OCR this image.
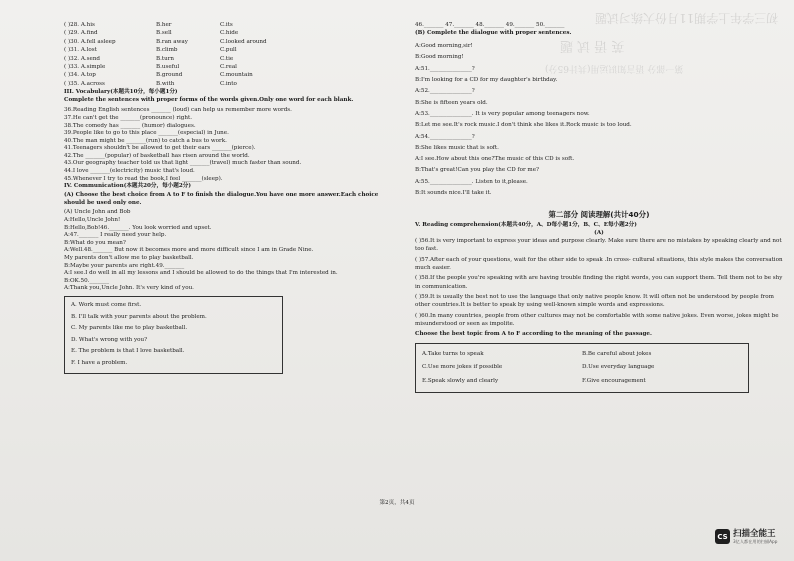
初三学年上学期11月份大练习试题
英 语 试 题
第一部分 语言知识运用(共计65分)
( )28. A.his	B.her	C.its
( )29. A.find	B.sell	C.hide
( )30. A.fell asleep	B.ran away	C.looked around
( )31. A.lost	B.climb	C.pull
( )32. A.send	B.turn	C.tie
( )33. A.simple	B.useful	C.real
( )34. A.top	B.ground	C.mountain
( )35. A.across	B.with	C.into
III. Vocabulary(本题共10分，每小题1分)
Complete the sentences with proper forms of the words given.Only one word for each blank.
36.Reading English sentences _______ (loud) can help us remember more words.
37.He can't get the _______(pronounce) right.
38.The comedy has _______ (humor) dialogues.
39.People like to go to this place _______(especial) in June.
40.The man might be _______(run) to catch a bus to work.
41.Teenagers shouldn't be allowed to get their ears _______(pierce).
42.The _______(popular) of basketball has risen around the world.
43.Our geography teacher told us that light _______(travel) much faster than sound.
44.I love _______(electricity) music that's loud.
45.Whenever I try to read the book,I feel _______(sleep).
IV. Communication(本题共20分，每小题2分)
(A) Choose the best choice from A to F to finish the dialogue.You have one more answer.Each choice should be used only one.
(A) Uncle John and Bob
A:Hello,Uncle John!
B:Hello,Bob!46._______. You look worried and upset.
A:47._______ I really need your help.
B:What do you mean?
A:Well.48._______ But now it becomes more and more difficult since I am in Grade Nine.
My parents don't allow me to play basketball.
B:Maybe your parents are right.49._______
A:I see.I do well in all my lessons and I should be allowed to do the things that I'm interested in.
B:OK.50._______
A:Thank you,Uncle John. It's very kind of you.
A. Work must come first.
B. I'll talk with your parents about the problem.
C. My parents like me to play basketball.
D. What's wrong with you?
E. The problem is that I love basketball.
F. I have a problem.
46._______ 47._______ 48._______ 49._______ 50._______
(B) Complete the dialogue with proper sentences.
A:Good morning,sir!
B:Good morning!
A:51._______________?
B:I'm looking for a CD for my daughter's birthday.
A:52._______________?
B:She is fifteen years old.
A:53._______________. It is very popular among teenagers now.
B:Let me see.It's rock music.I don't think she likes it.Rock music is too loud.
A:54._______________?
B:She likes music that is soft.
A:I see.How about this one?The music of this CD is soft.
B:That's great!Can you play the CD for me?
A:55._______________. Listen to it,please.
B:It sounds nice.I'll take it.
第二部分 阅读理解(共计40分)
V. Reading comprehension(本题共40分，A、D每小题1分，B、C、E每小题2分)
(A)
( )56.It is very important to express your ideas and purpose clearly. Make sure there are no mistakes by speaking clearly and not too fast.
( )57.After each of your questions, wait for the other side to speak .In cross- cultural situations, this style makes the conversation much easier.
( )58.If the people you're speaking with are having trouble finding the right words, you can support them. Tell them not to be shy in communication.
( )59.It is usually the best not to use the language that only native people know. It will often not be understood by people from other countries.It is better to speak by using well-known simple words and expressions.
( )60.In many countries, people from other cultures may not be comfortable with some native jokes. Even worse, jokes might be misunderstood or seen as impolite.
Choose the best topic from A to F according to the meaning of the passage.
A.Take turns to speak	B.Be careful about jokes
C.Use more jokes if possible	D.Use everyday language
E.Speak slowly and clearly	F.Give encouragement
第2页，共4页
CS 扫描全能王
3亿人都在用的扫描App
